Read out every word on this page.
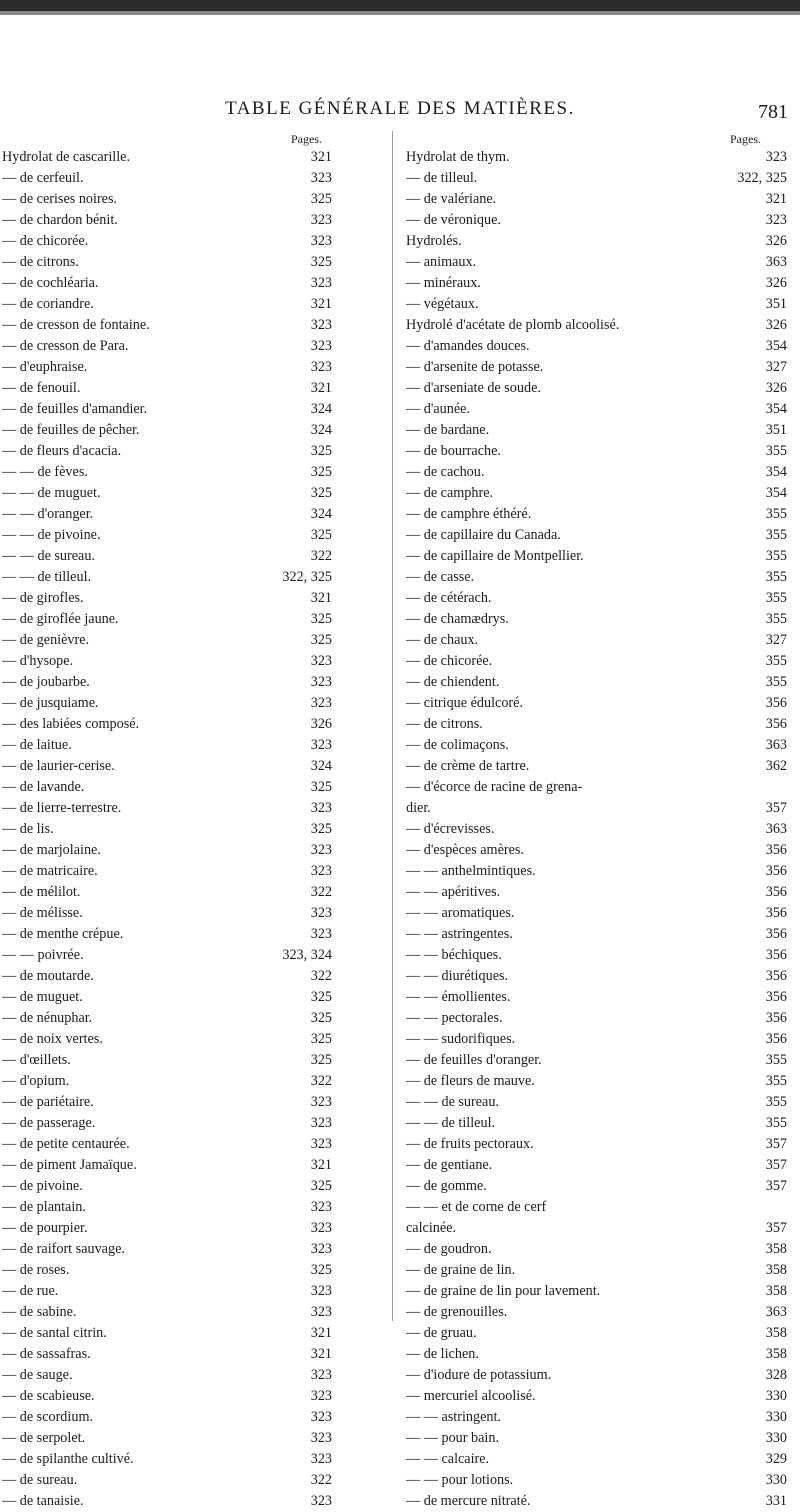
TABLE GÉNÉRALE DES MATIÈRES.	781
Pages.
Hydrolat de cascarille.	321
— de cerfeuil.	323
— de cerises noires.	325
— de chardon bénit.	323
— de chicorée.	323
— de citrons.	325
— de cochléaria.	323
— de coriandre.	321
— de cresson de fontaine.	323
— de cresson de Para.	323
— d'euphraise.	323
— de fenouil.	321
— de feuilles d'amandier.	324
— de feuilles de pêcher.	324
— de fleurs d'acacia.	325
— — de fèves.	325
— — de muguet.	325
— — d'oranger.	324
— — de pivoine.	325
— — de sureau.	322
— — de tilleul.	322, 325
— de girofles.	321
— de giroflée jaune.	325
— de genièvre.	325
— d'hysope.	323
— de joubarbe.	323
— de jusquiame.	323
— des labiées composé.	326
— de laitue.	323
— de laurier-cerise.	324
— de lavande.	325
— de lierre-terrestre.	323
— de lis.	325
— de marjolaine.	323
— de matricaire.	323
— de mélilot.	322
— de mélisse.	323
— de menthe crépue.	323
— — poivrée.	323, 324
— de moutarde.	322
— de muguet.	325
— de nénuphar.	325
— de noix vertes.	325
— d'œillets.	325
— d'opium.	322
— de pariétaire.	323
— de passerage.	323
— de petite centaurée.	323
— de piment Jamaïque.	321
— de pivoine.	325
— de plantain.	323
— de pourpier.	323
— de raifort sauvage.	323
— de roses.	325
— de rue.	323
— de sabine.	323
— de santal citrin.	321
— de sassafras.	321
— de sauge.	323
— de scabieuse.	323
— de scordium.	323
— de serpolet.	323
— de spilanthe cultivé.	323
— de sureau.	322
— de tanaisie.	323
Pages.
Hydrolat de thym.	323
— de tilleul.	322, 325
— de valériane.	321
— de véronique.	323
Hydrolés.	326
— animaux.	363
— minéraux.	326
— végétaux.	351
Hydrolé d'acétate de plomb alcoolisé.	326
— d'amandes douces.	354
— d'arsenite de potasse.	327
— d'arseniate de soude.	326
— d'aunée.	354
— de bardane.	351
— de bourrache.	355
— de cachou.	354
— de camphre.	354
— de camphre éthéré.	355
— de capillaire du Canada.	355
— de capillaire de Montpellier.	355
— de casse.	355
— de cétérach.	355
— de chamædrys.	355
— de chaux.	327
— de chicorée.	355
— de chiendent.	355
— citrique édulcoré.	356
— de citrons.	356
— de colimaçons.	363
— de crème de tartre.	362
— d'écorce de racine de grena-
dier.	357
— d'écrevisses.	363
— d'espèces amères.	356
— — anthelmintiques.	356
— — apéritives.	356
— — aromatiques.	356
— — astringentes.	356
— — béchiques.	356
— — diurétiques.	356
— — émollientes.	356
— — pectorales.	356
— — sudorifiques.	356
— de feuilles d'oranger.	355
— de fleurs de mauve.	355
— — de sureau.	355
— — de tilleul.	355
— de fruits pectoraux.	357
— de gentiane.	357
— de gomme.	357
— — et de corne de cerf
calcinée.	357
— de goudron.	358
— de graine de lin.	358
— de graine de lin pour lavement.	358
— de grenouilles.	363
— de gruau.	358
— de lichen.	358
— d'iodure de potassium.	328
— mercuriel alcoolisé.	330
— — astringent.	330
— — pour bain.	330
— — calcaire.	329
— — pour lotions.	330
— de mercure nitraté.	331
